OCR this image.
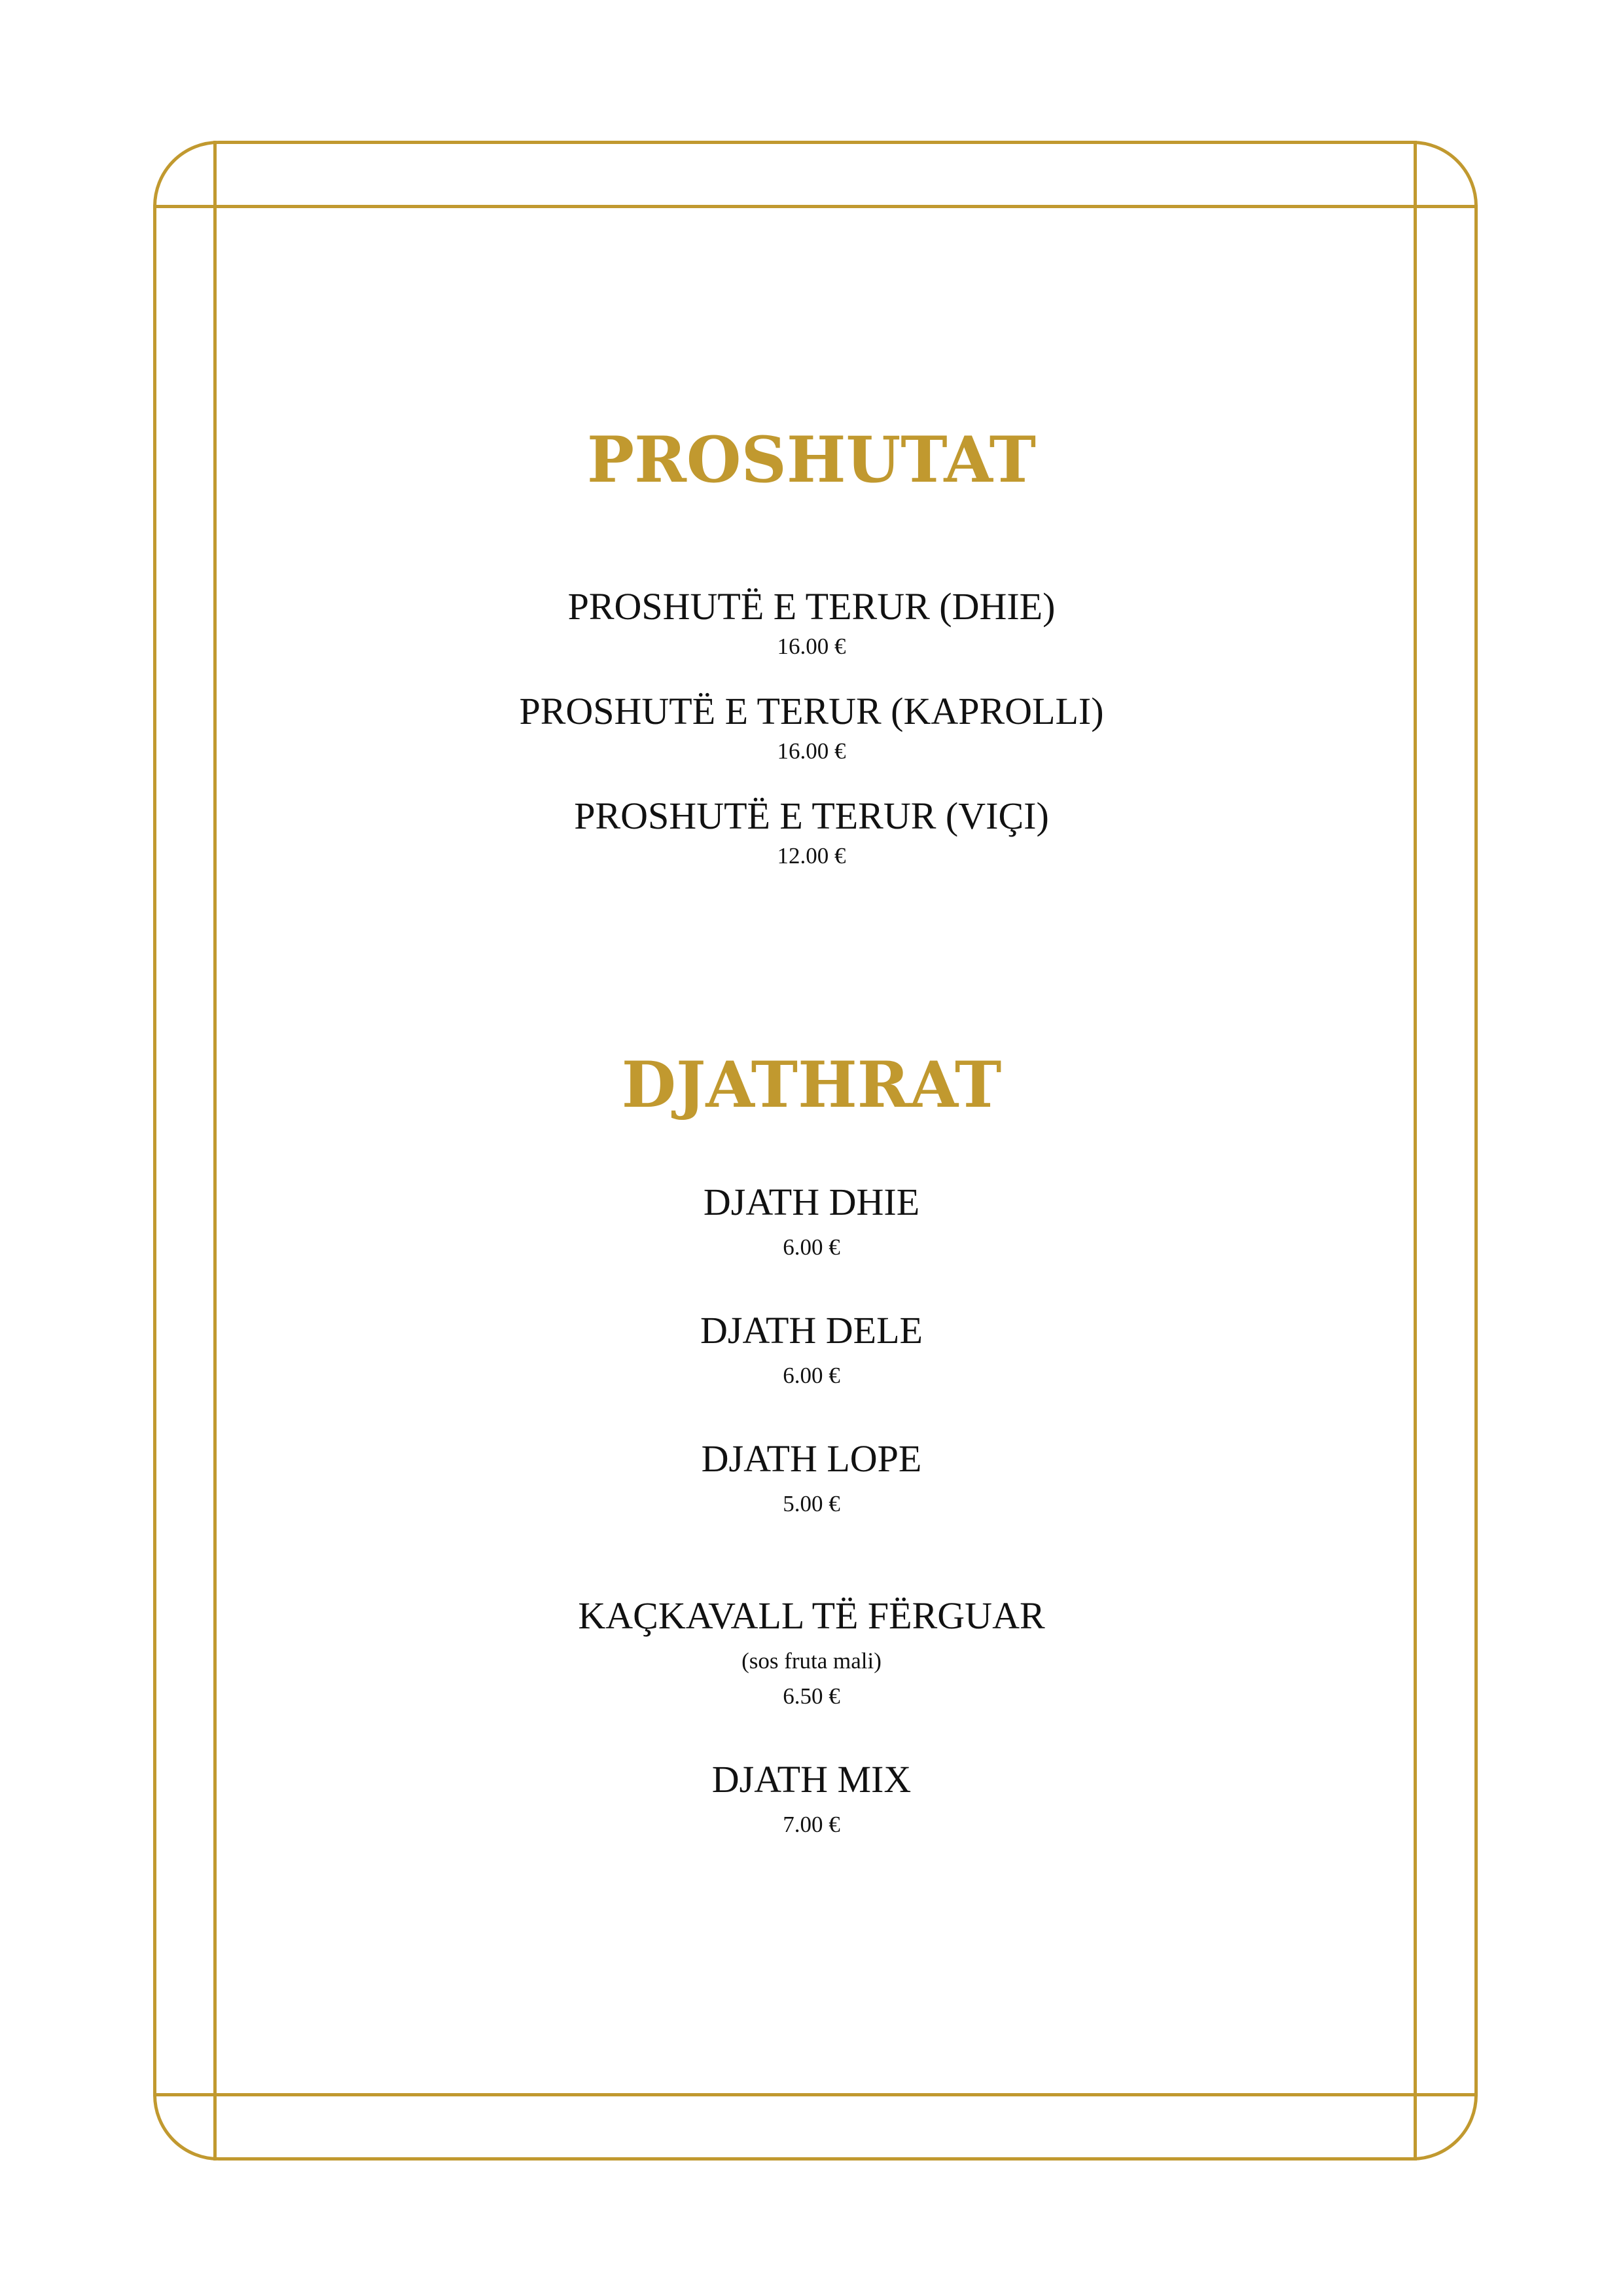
PROSHUTAT
PROSHUTË E TERUR (DHIE)
16.00 €
PROSHUTË E TERUR (KAPROLLI)
16.00 €
PROSHUTË E TERUR (VIÇI)
12.00 €
DJATHRAT
DJATH DHIE
6.00 €
DJATH DELE
6.00 €
DJATH LOPE
5.00 €
KAÇKAVALL TË FËRGUAR
(sos fruta mali)
6.50 €
DJATH MIX
7.00 €
